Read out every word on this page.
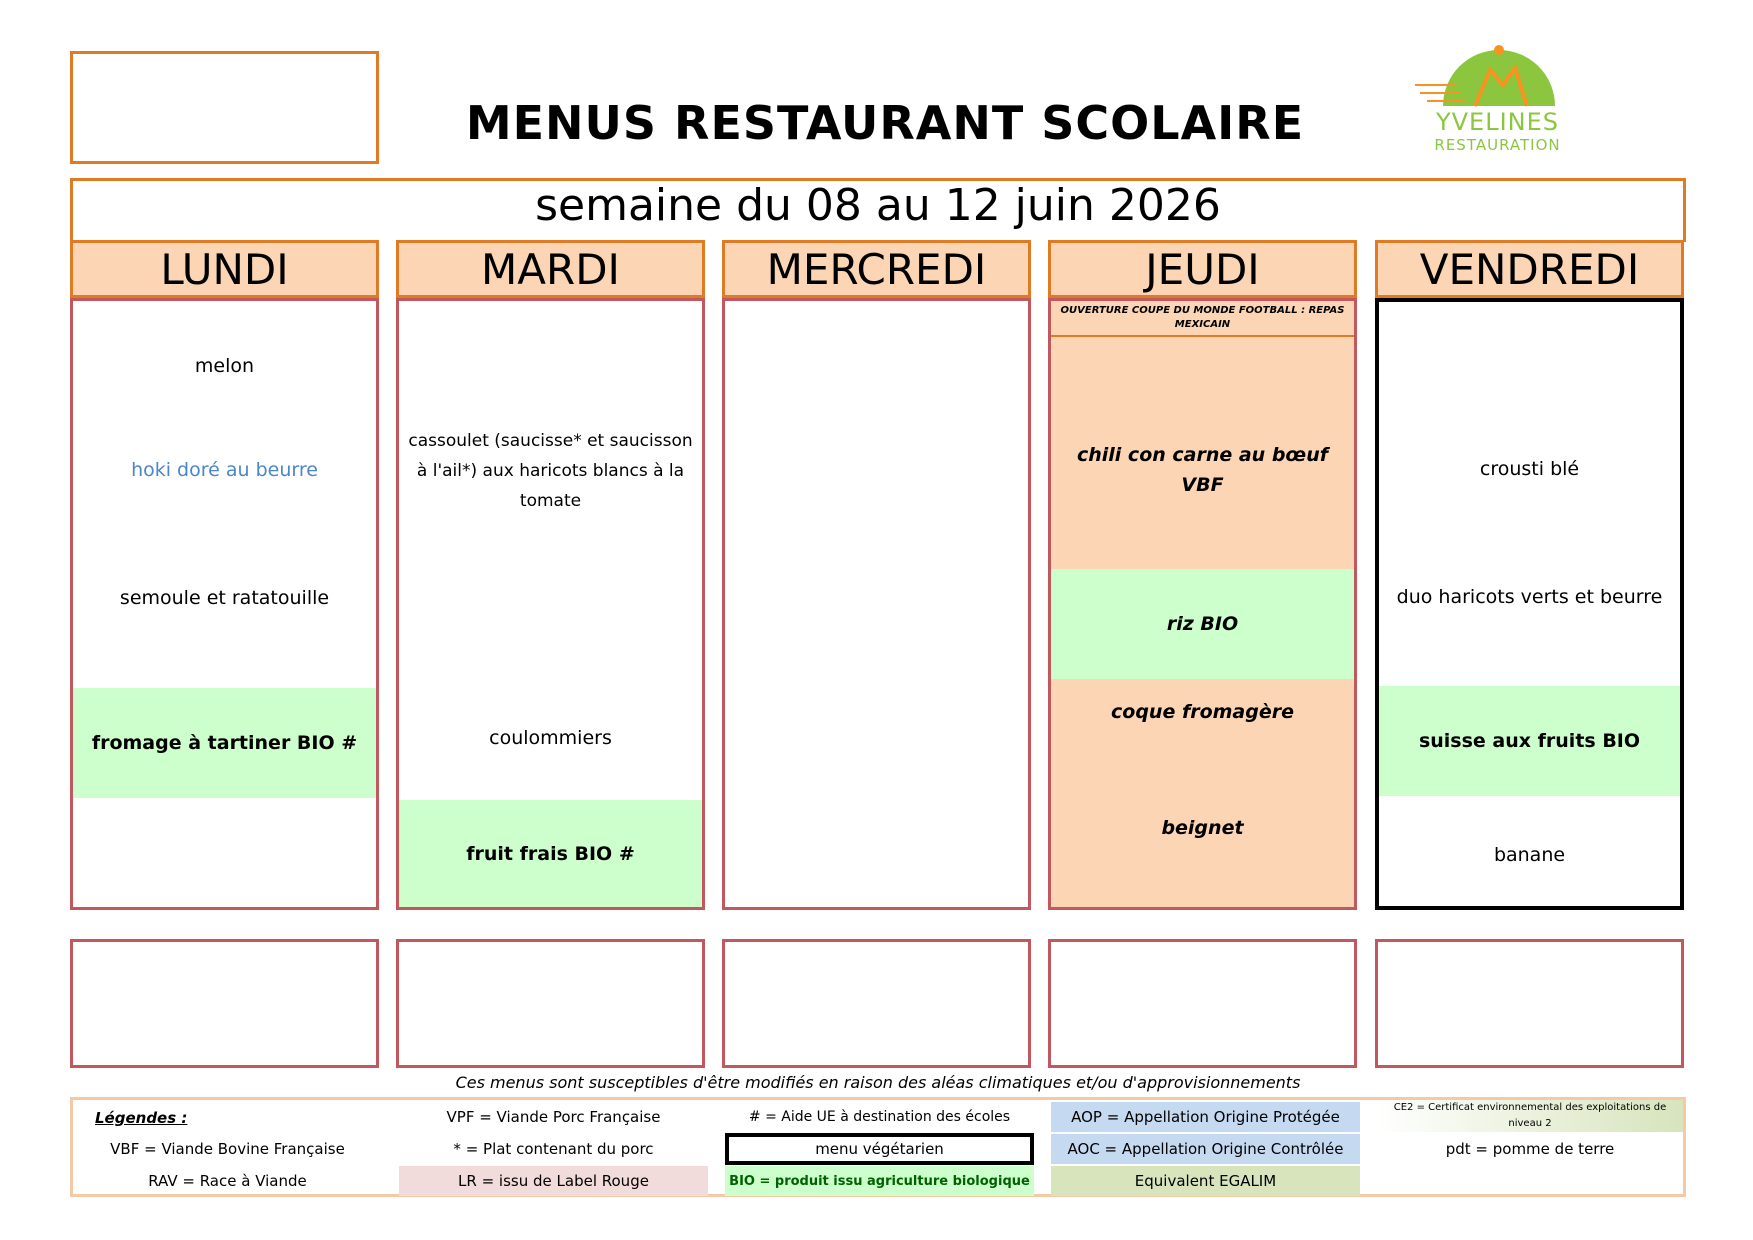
MENUS RESTAURANT SCOLAIRE	YVELINES
RESTAURATION
semaine du 08 au 12 juin 2026
LUNDI
melon
hoki doré au beurre
semoule et ratatouille
fromage à tartiner BIO #
MARDI
cassoulet (saucisse* et saucisson à l'ail*) aux haricots blancs à la tomate
coulommiers
fruit frais BIO #
MERCREDI	JEUDI
OUVERTURE COUPE DU MONDE FOOTBALL : REPAS MEXICAIN
chili con carne au bœuf VBF
riz BIO
coque fromagère
beignet
VENDREDI
crousti blé
duo haricots verts et beurre
suisse aux fruits BIO
banane
Ces menus sont susceptibles d'être modifiés en raison des aléas climatiques et/ou d'approvisionnements
Légendes :
VBF = Viande Bovine Française
RAV = Race à Viande
VPF = Viande Porc Française
* = Plat contenant du porc
LR = issu de Label Rouge
# = Aide UE à destination des écoles
menu végétarien
BIO = produit issu agriculture biologique
AOP = Appellation Origine Protégée
AOC = Appellation Origine Contrôlée
Equivalent EGALIM
CE2 = Certificat environnemental des exploitations de niveau 2
pdt = pomme de terre
